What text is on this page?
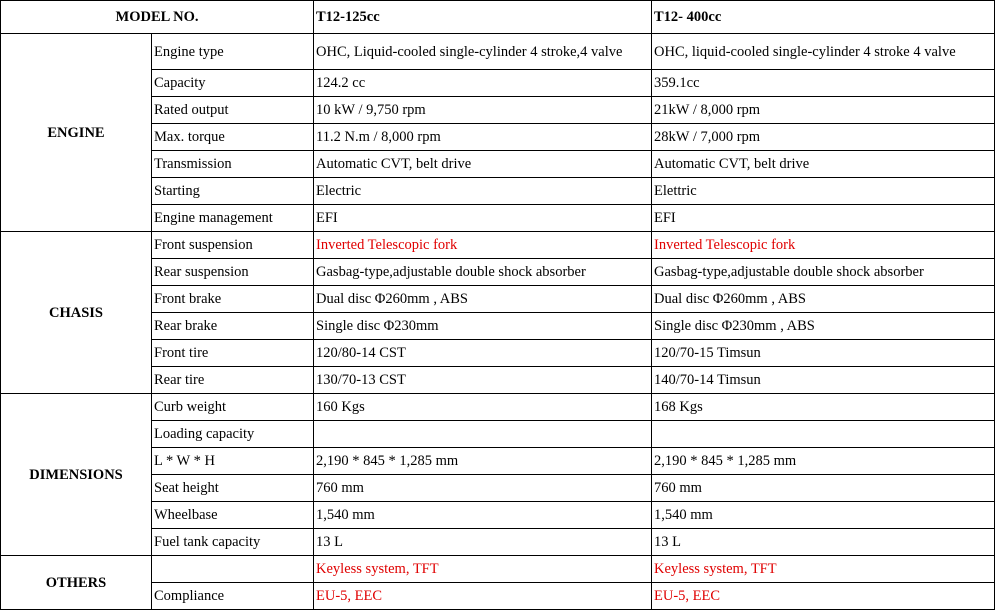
MODEL NO.		T12-125cc	T12- 400cc
ENGINE	Engine type	OHC, Liquid-cooled single-cylinder 4 stroke,4 valve	OHC, liquid-cooled single-cylinder 4 stroke 4 valve
	Capacity	124.2 cc	359.1cc
	Rated output	10 kW / 9,750 rpm	21kW / 8,000 rpm
	Max. torque	11.2 N.m / 8,000 rpm	28kW / 7,000 rpm
	Transmission	Automatic CVT, belt drive	Automatic CVT, belt drive
	Starting	Electric	Elettric
	Engine management	EFI	EFI
CHASIS	Front suspension	Inverted Telescopic fork	Inverted Telescopic fork
	Rear suspension	Gasbag-type,adjustable double shock absorber	Gasbag-type,adjustable double shock absorber
	Front brake	Dual disc Φ260mm , ABS	Dual disc Φ260mm , ABS
	Rear brake	Single disc Φ230mm	Single disc Φ230mm , ABS
	Front tire	120/80-14 CST	120/70-15 Timsun
	Rear tire	130/70-13 CST	140/70-14 Timsun
DIMENSIONS	Curb weight	160 Kgs	168 Kgs
	Loading capacity		
	L * W * H	2,190 * 845 * 1,285 mm	2,190 * 845 * 1,285 mm
	Seat height	760 mm	760 mm
	Wheelbase	1,540 mm	1,540 mm
	Fuel tank capacity	13 L	13 L
OTHERS		Keyless system, TFT	Keyless system, TFT
	Compliance	EU-5, EEC	EU-5, EEC
